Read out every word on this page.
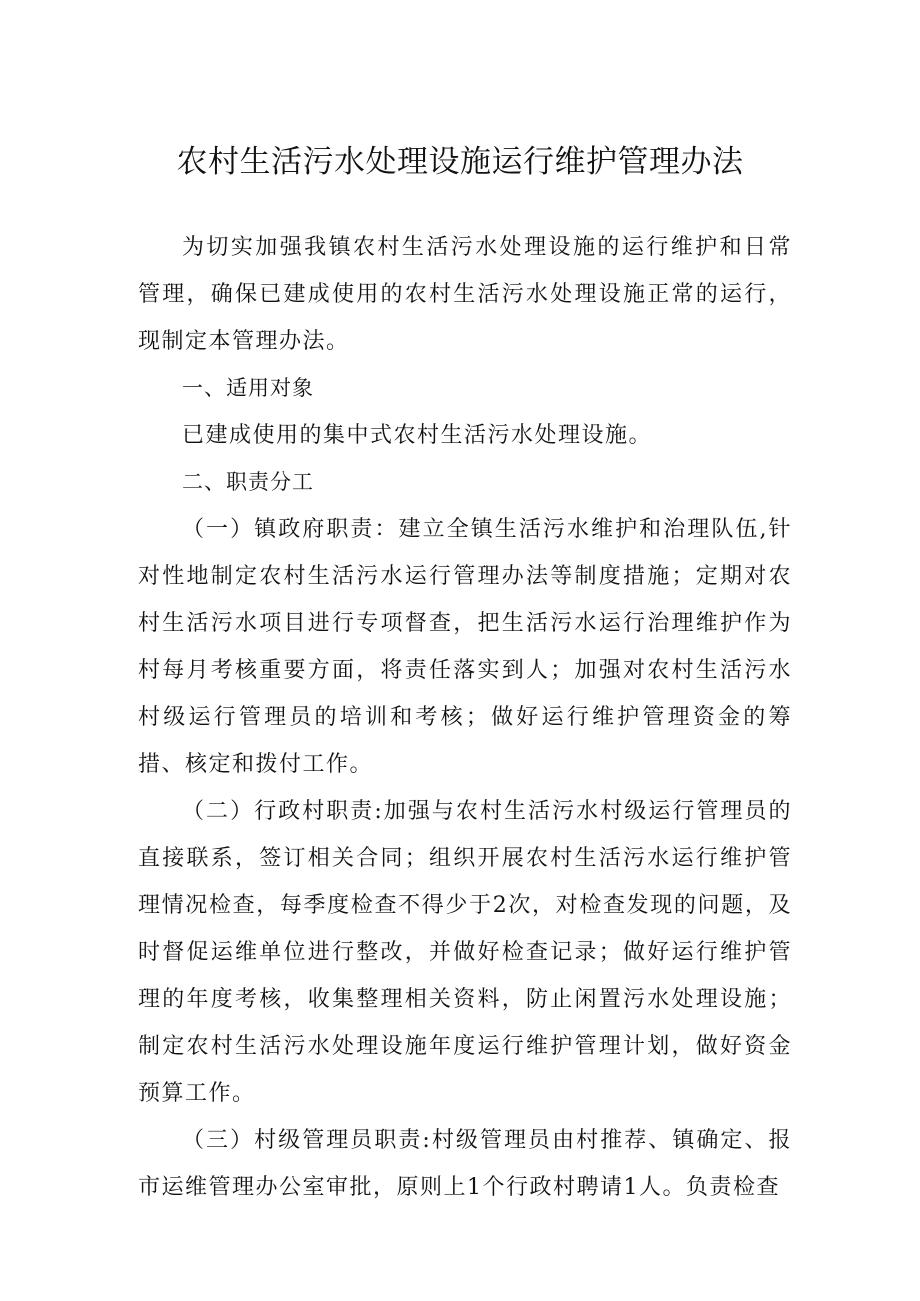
农村生活污水处理设施运行维护管理办法

为切实加强我镇农村生活污水处理设施的运行维护和日常管理，确保已建成使用的农村生活污水处理设施正常的运行，现制定本管理办法。

一、适用对象

已建成使用的集中式农村生活污水处理设施。

二、职责分工

（一）镇政府职责：建立全镇生活污水维护和治理队伍,针对性地制定农村生活污水运行管理办法等制度措施；定期对农村生活污水项目进行专项督查，把生活污水运行治理维护作为村每月考核重要方面，将责任落实到人；加强对农村生活污水村级运行管理员的培训和考核；做好运行维护管理资金的筹措、核定和拨付工作。

（二）行政村职责:加强与农村生活污水村级运行管理员的直接联系，签订相关合同；组织开展农村生活污水运行维护管理情况检查，每季度检查不得少于2次，对检查发现的问题，及时督促运维单位进行整改，并做好检查记录；做好运行维护管理的年度考核，收集整理相关资料，防止闲置污水处理设施；制定农村生活污水处理设施年度运行维护管理计划，做好资金预算工作。

（三）村级管理员职责:村级管理员由村推荐、镇确定、报市运维管理办公室审批，原则上1个行政村聘请1人。负责检查
